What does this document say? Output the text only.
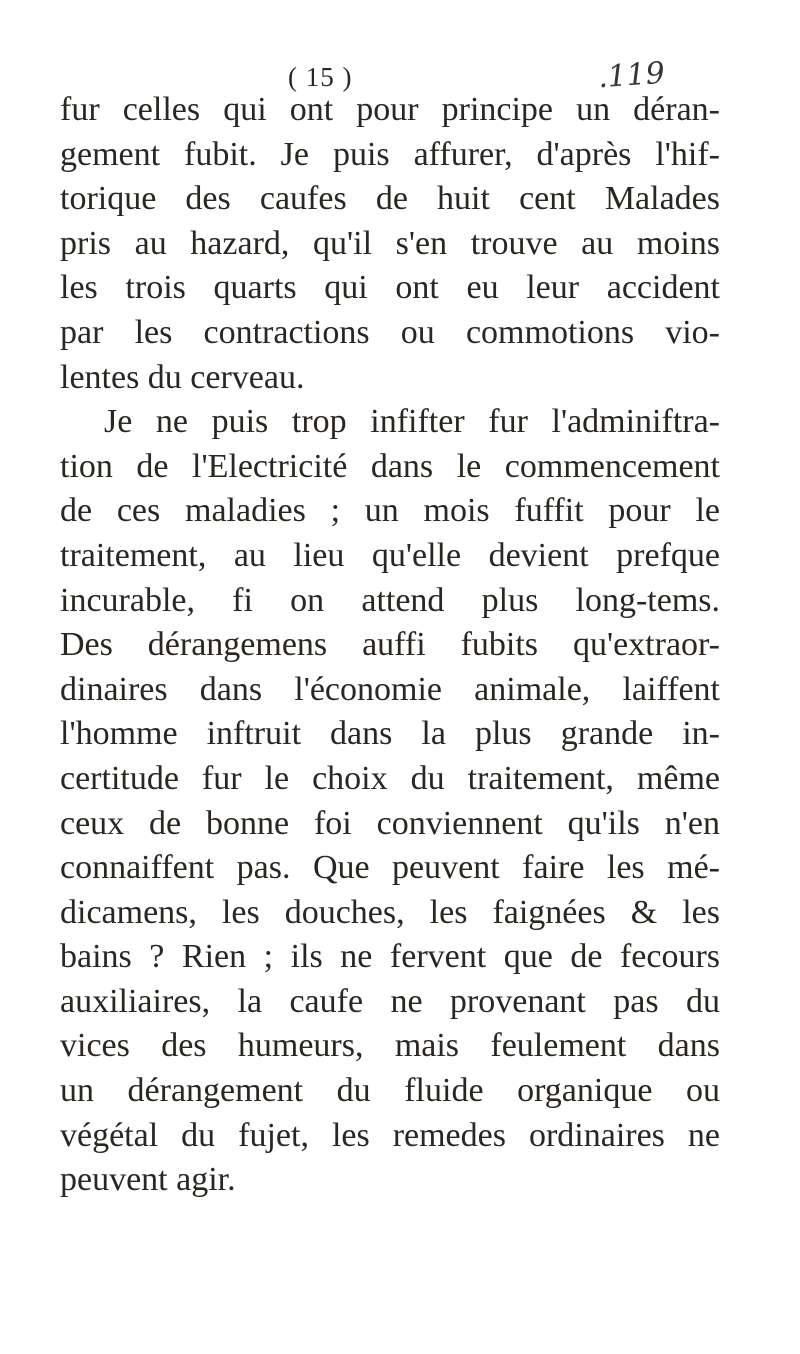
( 15 )	.119
fur celles qui ont pour principe un déran-
gement fubit. Je puis affurer, d'après l'hif-
torique des caufes de huit cent Malades
pris au hazard, qu'il s'en trouve au moins
les trois quarts qui ont eu leur accident
par les contractions ou commotions vio-
lentes du cerveau.
Je ne puis trop infifter fur l'adminiftra-
tion de l'Electricité dans le commencement
de ces maladies ; un mois fuffit pour le
traitement, au lieu qu'elle devient prefque
incurable, fi on attend plus long-tems.
Des dérangemens auffi fubits qu'extraor-
dinaires dans l'économie animale, laiffent
l'homme inftruit dans la plus grande in-
certitude fur le choix du traitement, même
ceux de bonne foi conviennent qu'ils n'en
connaiffent pas. Que peuvent faire les mé-
dicamens, les douches, les faignées & les
bains ? Rien ; ils ne fervent que de fecours
auxiliaires, la caufe ne provenant pas du
vices des humeurs, mais feulement dans
un dérangement du fluide organique ou
végétal du fujet, les remedes ordinaires ne
peuvent agir.
